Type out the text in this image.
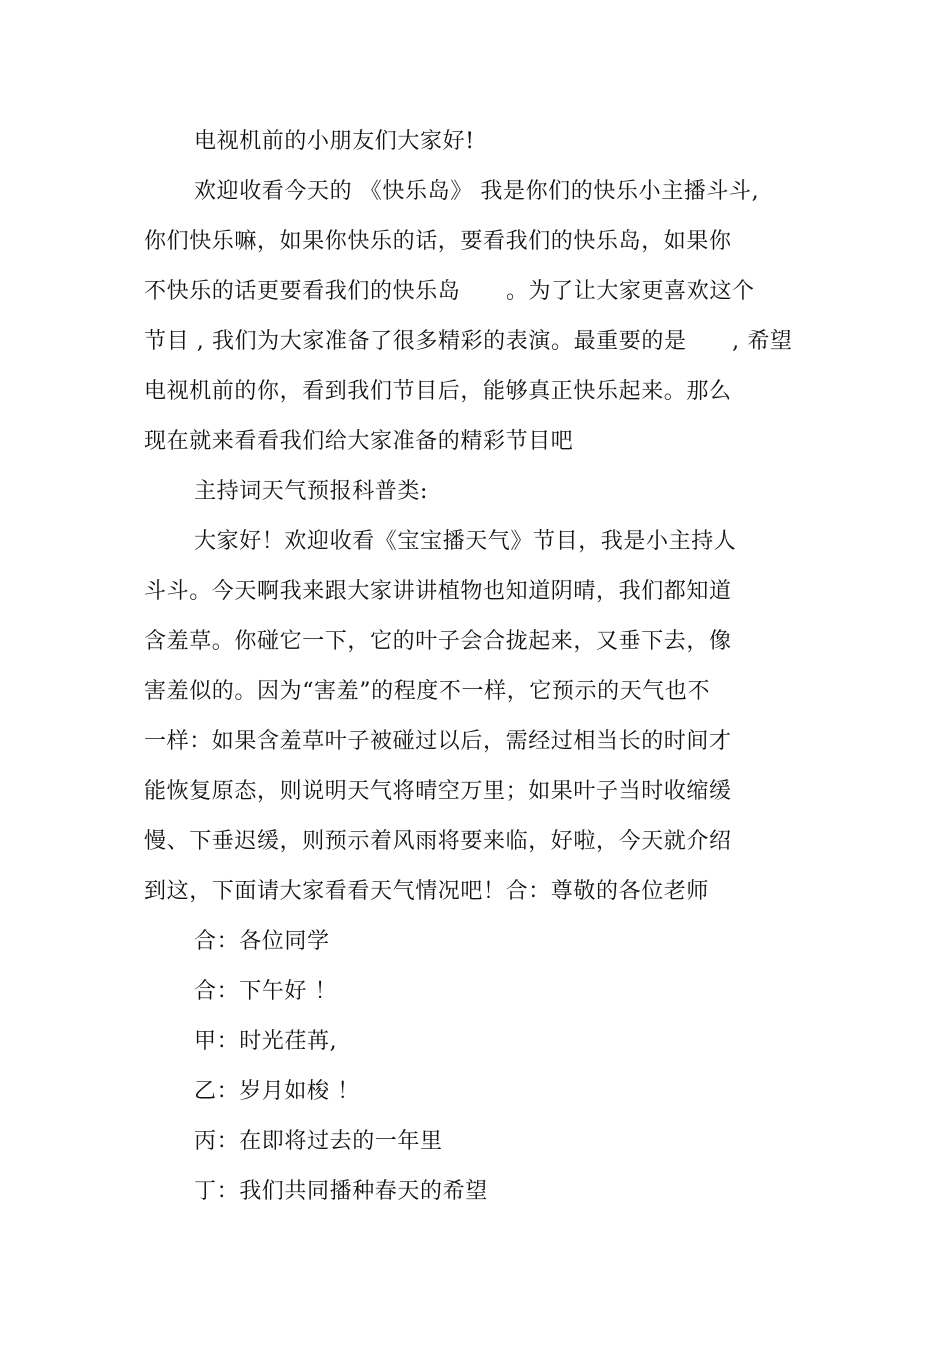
电视机前的小朋友们大家好!
欢迎收看今天的 《快乐岛》 我是你们的快乐小主播斗斗,
你们快乐嘛，如果你快乐的话，要看我们的快乐岛，如果你
不快乐的话更要看我们的快乐岛      。为了让大家更喜欢这个
节目 , 我们为大家准备了很多精彩的表演。最重要的是      , 希望
电视机前的你，看到我们节目后，能够真正快乐起来。那么
现在就来看看我们给大家准备的精彩节目吧
主持词天气预报科普类:
大家好！欢迎收看《宝宝播天气》节目，我是小主持人
斗斗。今天啊我来跟大家讲讲植物也知道阴晴，我们都知道
含羞草。你碰它一下，它的叶子会合拢起来，又垂下去，像
害羞似的。因为“害羞”的程度不一样，它预示的天气也不
一样：如果含羞草叶子被碰过以后，需经过相当长的时间才
能恢复原态，则说明天气将晴空万里；如果叶子当时收缩缓
慢、下垂迟缓，则预示着风雨将要来临，好啦，今天就介绍
到这，下面请大家看看天气情况吧！合：尊敬的各位老师
合：各位同学
合：下午好 ！
甲：时光荏苒,
乙：岁月如梭 ！
丙：在即将过去的一年里
丁：我们共同播种春天的希望
